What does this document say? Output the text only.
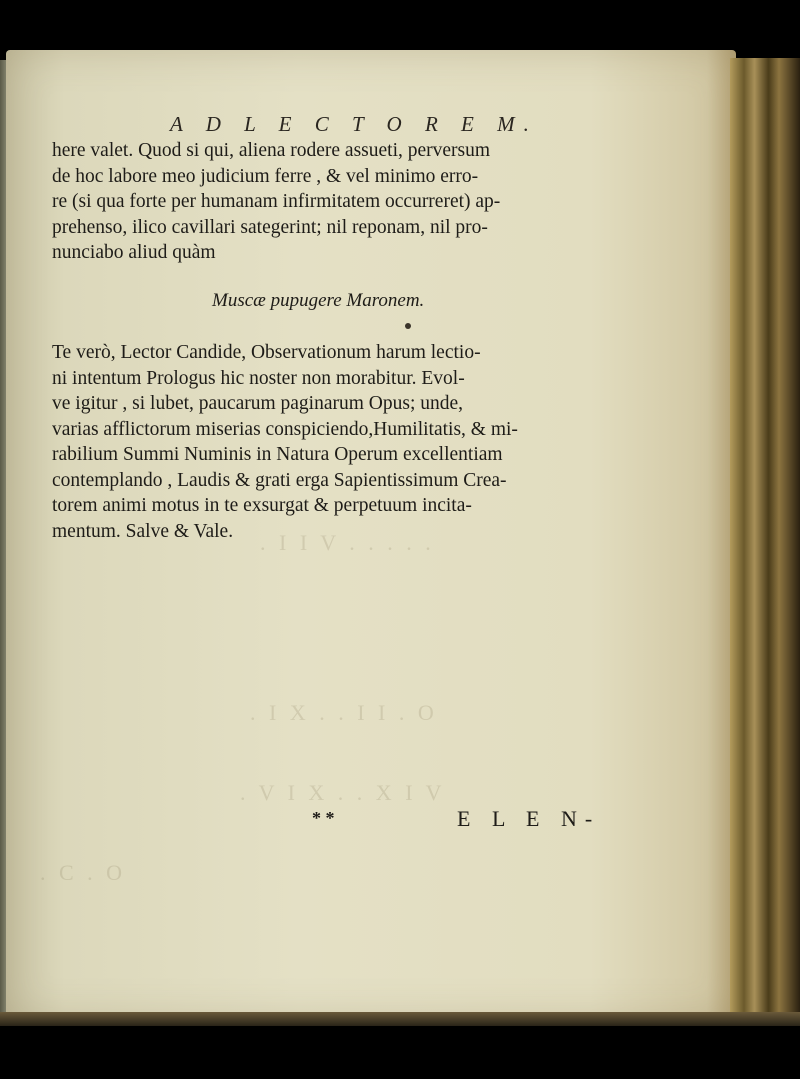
. I I V . . . . .
. I X . . I I . O
. V I X . . X I V
. C . O
A D L E C T O R E M.
here valet. Quod si qui, aliena rodere assueti, perversum
de hoc labore meo judicium ferre , & vel minimo erro-
re (si qua forte per humanam infirmitatem occurreret) ap-
prehenso, ilico cavillari sategerint; nil reponam, nil pro-
nunciabo aliud quàm
Muscæ pupugere Maronem.
Te verò, Lector Candide, Observationum harum lectio-
ni intentum Prologus hic noster non morabitur. Evol-
ve igitur , si lubet, paucarum paginarum Opus; unde,
varias afflictorum miserias conspiciendo,Humilitatis, & mi-
rabilium Summi Numinis in Natura Operum excellentiam
contemplando , Laudis & grati erga Sapientissimum Crea-
torem animi motus in te exsurgat & perpetuum incita-
mentum. Salve & Vale.
* *	E L E N-
